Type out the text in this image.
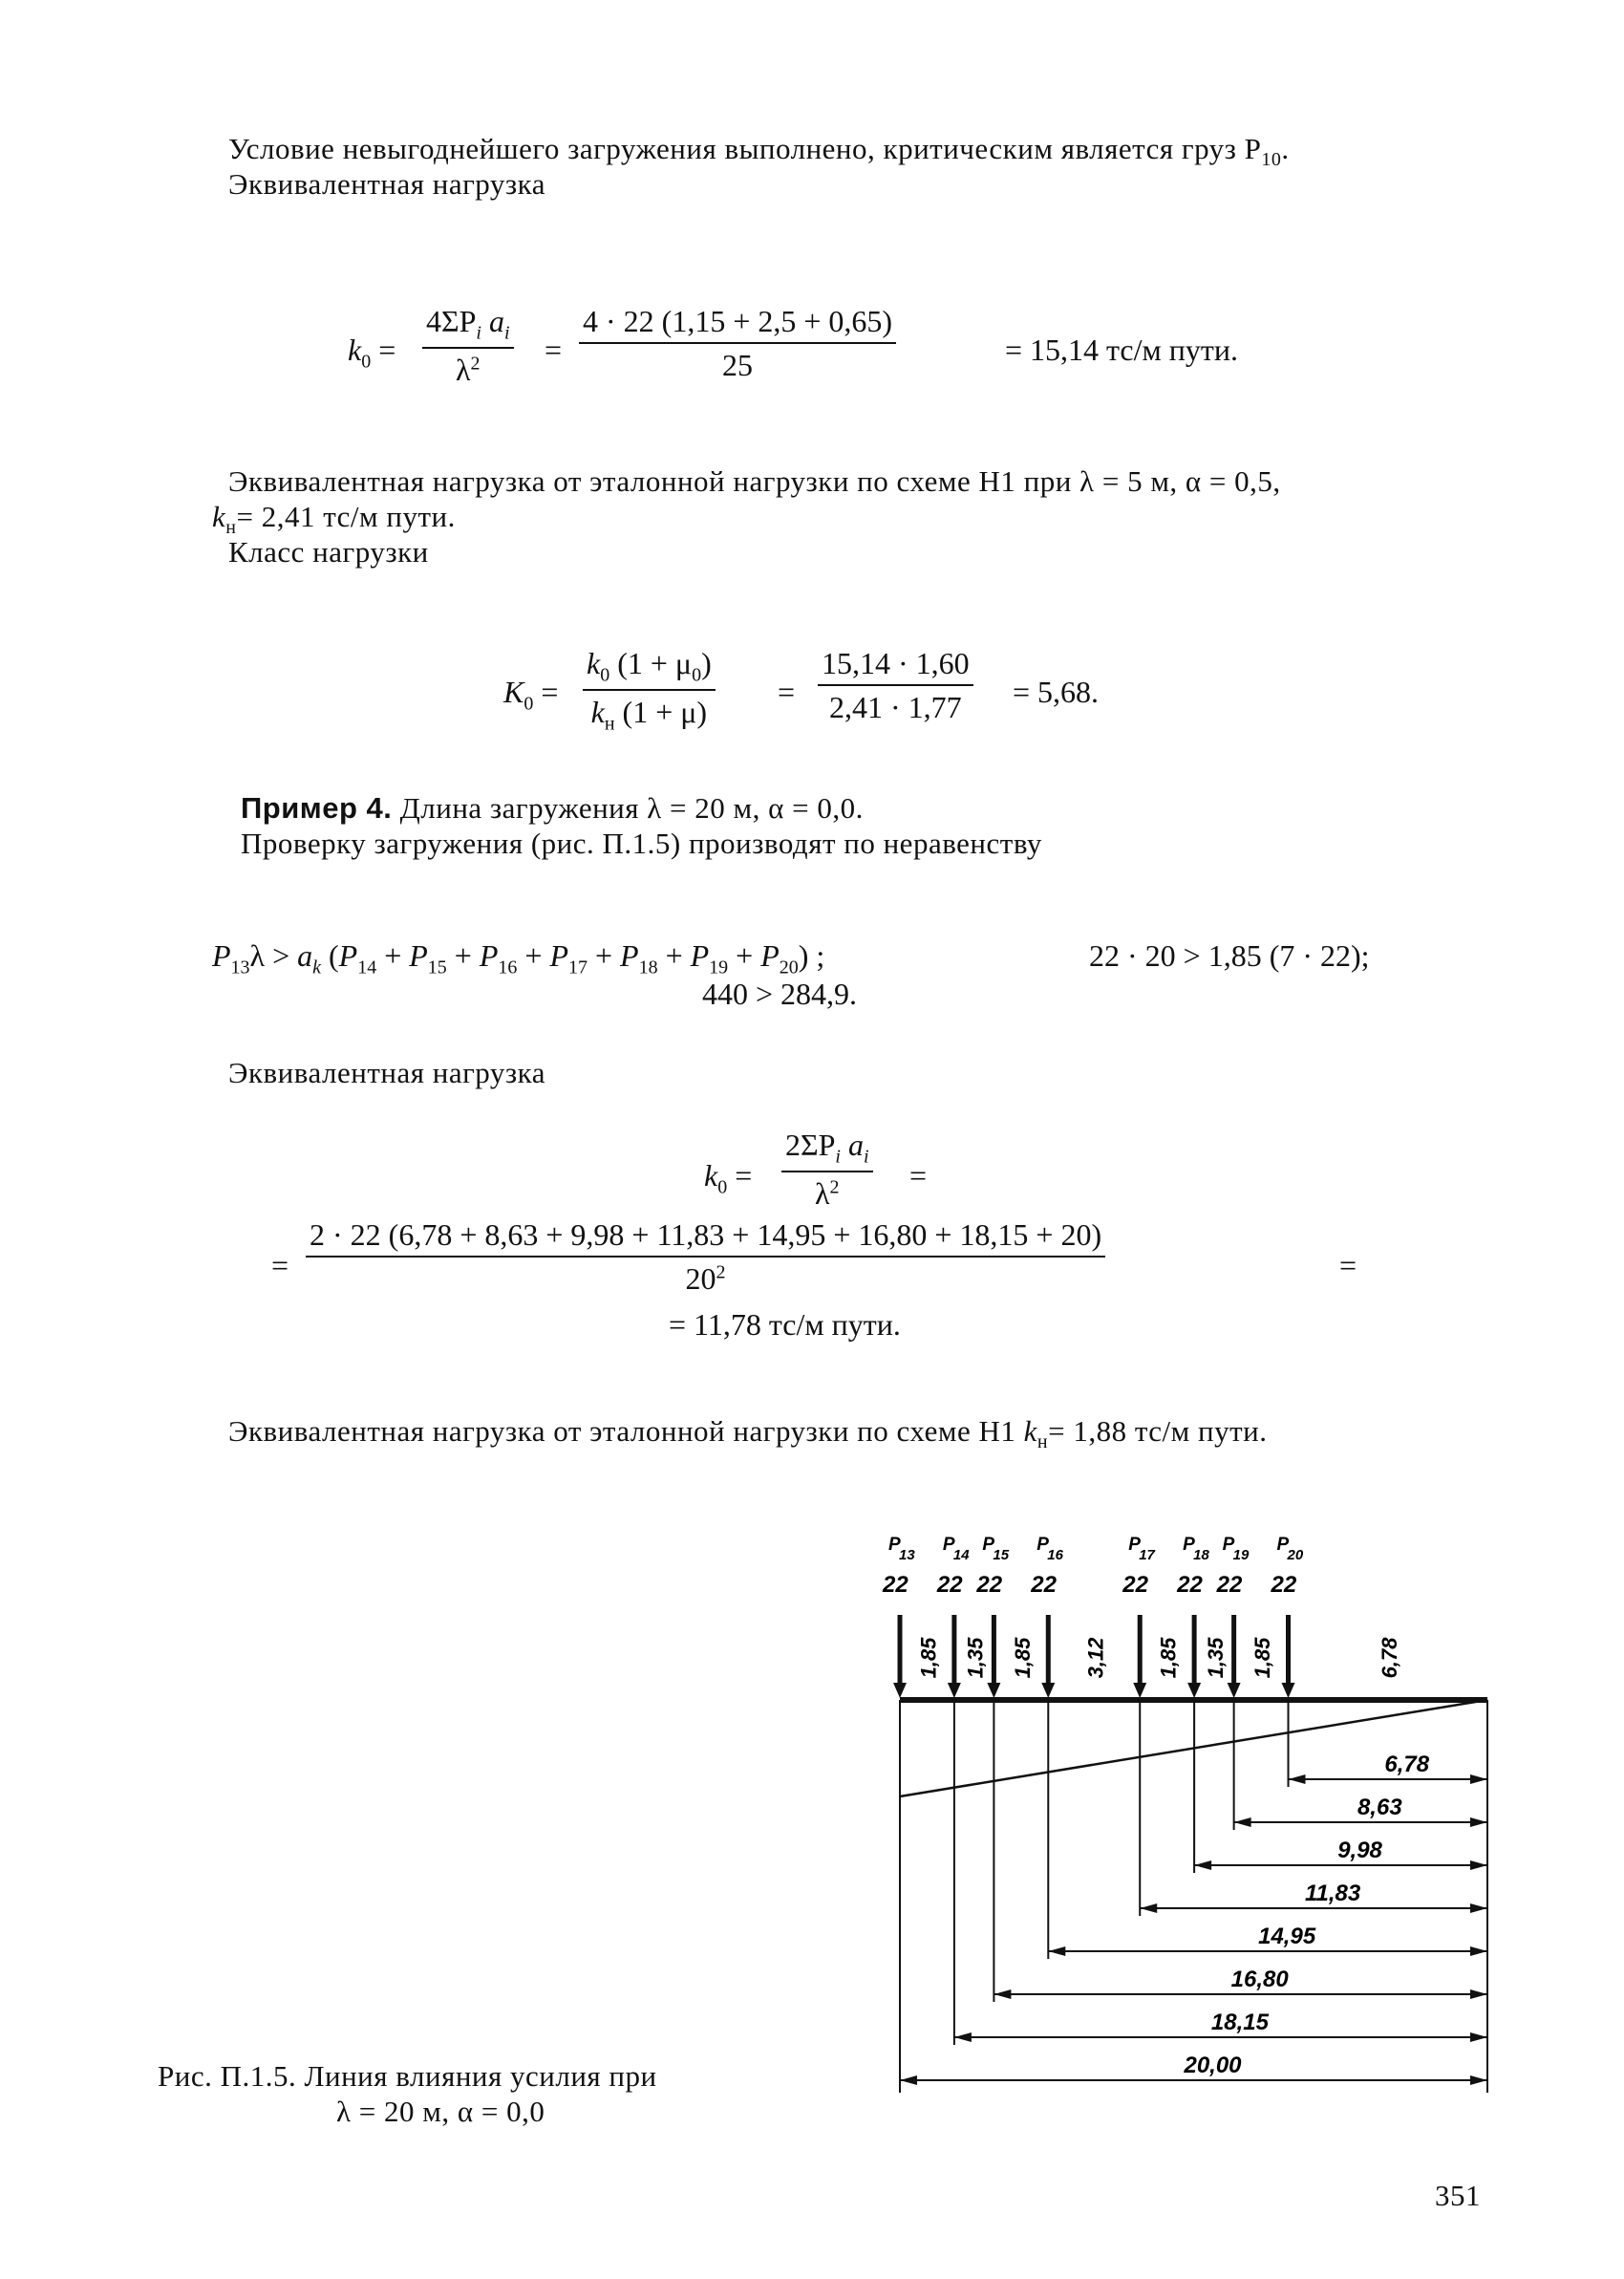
Условие невыгоднейшего загружения выполнено, критическим является груз $P_{10}$.
Эквивалентная нагрузка
$k_0$ =
$4\Sigma P_i$ $a_i$
$\lambda^2$ =
4 · 22 (1,15 + 2,5 + 0,65)
25	= 15,14 тс/м пути.
Эквивалентная нагрузка от эталонной нагрузки по схеме Н1 при λ = 5 м, α = 0,5,
$k_н= 2,41$ тс/м пути.
Класс нагрузки
$K_0$ =
$k_0$ $(1 + \mu_0)$
$k_н$ (1 + μ)
=
15,14 · 1,60
2,41 · 1,77 = 5,68.
Пример 4. Длина загружения λ = 20 м, α = 0,0.
Проверку загружения (рис. П.1.5) производят по неравенству
$P_{13}\lambda > a_k$ $(P_{14} + P_{15} + P_{16} + P_{17} + P_{18} + P_{19} + P_{20})$ ;	22 · 20 > 1,85 (7 · 22);
440 > 284,9.
Эквивалентная нагрузка
$k_0$ =
$2\Sigma P_i$ $a_i$
$\lambda^2$ =
=
2 · 22 (6,78 + 8,63 + 9,98 + 11,83 + 14,95 + 16,80 + 18,15 + 20)
$20^2$	=
= 11,78 тс/м пути.
Эквивалентная нагрузка от эталонной нагрузки по схеме Н1 $k_н= 1,88$ тс/м пути.
P
13
22
P
14
22
P
15
22
P
16
22
P
17
22
P
18
22
P
19
22
P
20
22
1,85 1,35 1,85 3,12 1,85 1,35 1,85	6,78
6,78
8,63
9,98
11,83
14,95
16,80
18,15
20,00
Рис. П.1.5. Линия влияния усилия при
λ = 20 м, α = 0,0
351
